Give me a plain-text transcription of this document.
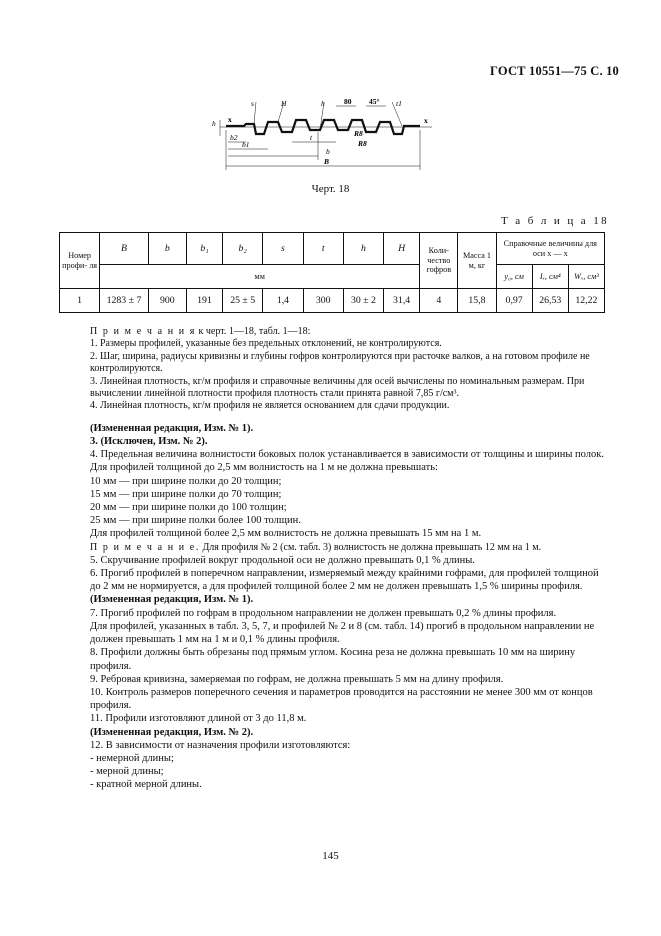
ГОСТ 10551—75 С. 10
s	H	h	80 45° t1
h x	x
R8
R8
b2	t
b
b1
B
Черт. 18
Т а б л и ц а 18
Номер профи- ля	B	b	b₁	b₂	s	t	h	H	Коли- чество гофров	Масса 1 м, кг	Справочные величины для оси x — x		
	мм										y₀, см	Iₓ, см⁴	Wₓ, см³
1	1283 ± 7	900	191	25 ± 5	1,4	300	30 ± 2	31,4	4	15,8	0,97	26,53	12,22

П р и м е ч а н и я к черт. 1—18, табл. 1—18:

1. Размеры профилей, указанные без предельных отклонений, не контролируются.

2. Шаг, ширина, радиусы кривизны и глубины гофров контролируются при расточке валков, а на готовом профиле не контролируются.

3. Линейная плотность, кг/м профиля и справочные величины для осей вычислены по номинальным размерам. При вычислении линейной плотности профиля плотность стали принята равной 7,85 г/см³.

4. Линейная плотность, кг/м профиля не является основанием для сдачи продукции.

(Измененная редакция, Изм. № 1).

3. (Исключен, Изм. № 2).

4. Предельная величина волнистости боковых полок устанавливается в зависимости от толщины и ширины полок.

Для профилей толщиной до 2,5 мм волнистость на 1 м не должна превышать:

10 мм — при ширине полки до 20 толщин;

15 мм — при ширине полки до 70 толщин;

20 мм — при ширине полки до 100 толщин;

25 мм — при ширине полки более 100 толщин.

Для профилей толщиной более 2,5 мм волнистость не должна превышать 15 мм на 1 м.

П р и м е ч а н и е. Для профиля № 2 (см. табл. 3) волнистость не должна превышать 12 мм на 1 м.

5. Скручивание профилей вокруг продольной оси не должно превышать 0,1 % длины.

6. Прогиб профилей в поперечном направлении, измеряемый между крайними гофрами, для профилей толщиной до 2 мм не нормируется, а для профилей толщиной более 2 мм не должен превышать 1,5 % ширины профиля.

(Измененная редакция, Изм. № 1).

7. Прогиб профилей по гофрам в продольном направлении не должен превышать 0,2 % длины профиля.

Для профилей, указанных в табл. 3, 5, 7, и профилей № 2 и 8 (см. табл. 14) прогиб в продольном направлении не должен превышать 1 мм на 1 м и 0,1 % длины профиля.

8. Профили должны быть обрезаны под прямым углом. Косина реза не должна превышать 10 мм на ширину профиля.

9. Ребровая кривизна, замеряемая по гофрам, не должна превышать 5 мм на длину профиля.

10. Контроль размеров поперечного сечения и параметров проводится на расстоянии не менее 300 мм от концов профиля.

11. Профили изготовляют длиной от 3 до 11,8 м.

(Измененная редакция, Изм. № 2).

12. В зависимости от назначения профили изготовляются:

- немерной длины;

- мерной длины;

- кратной мерной длины.

145
